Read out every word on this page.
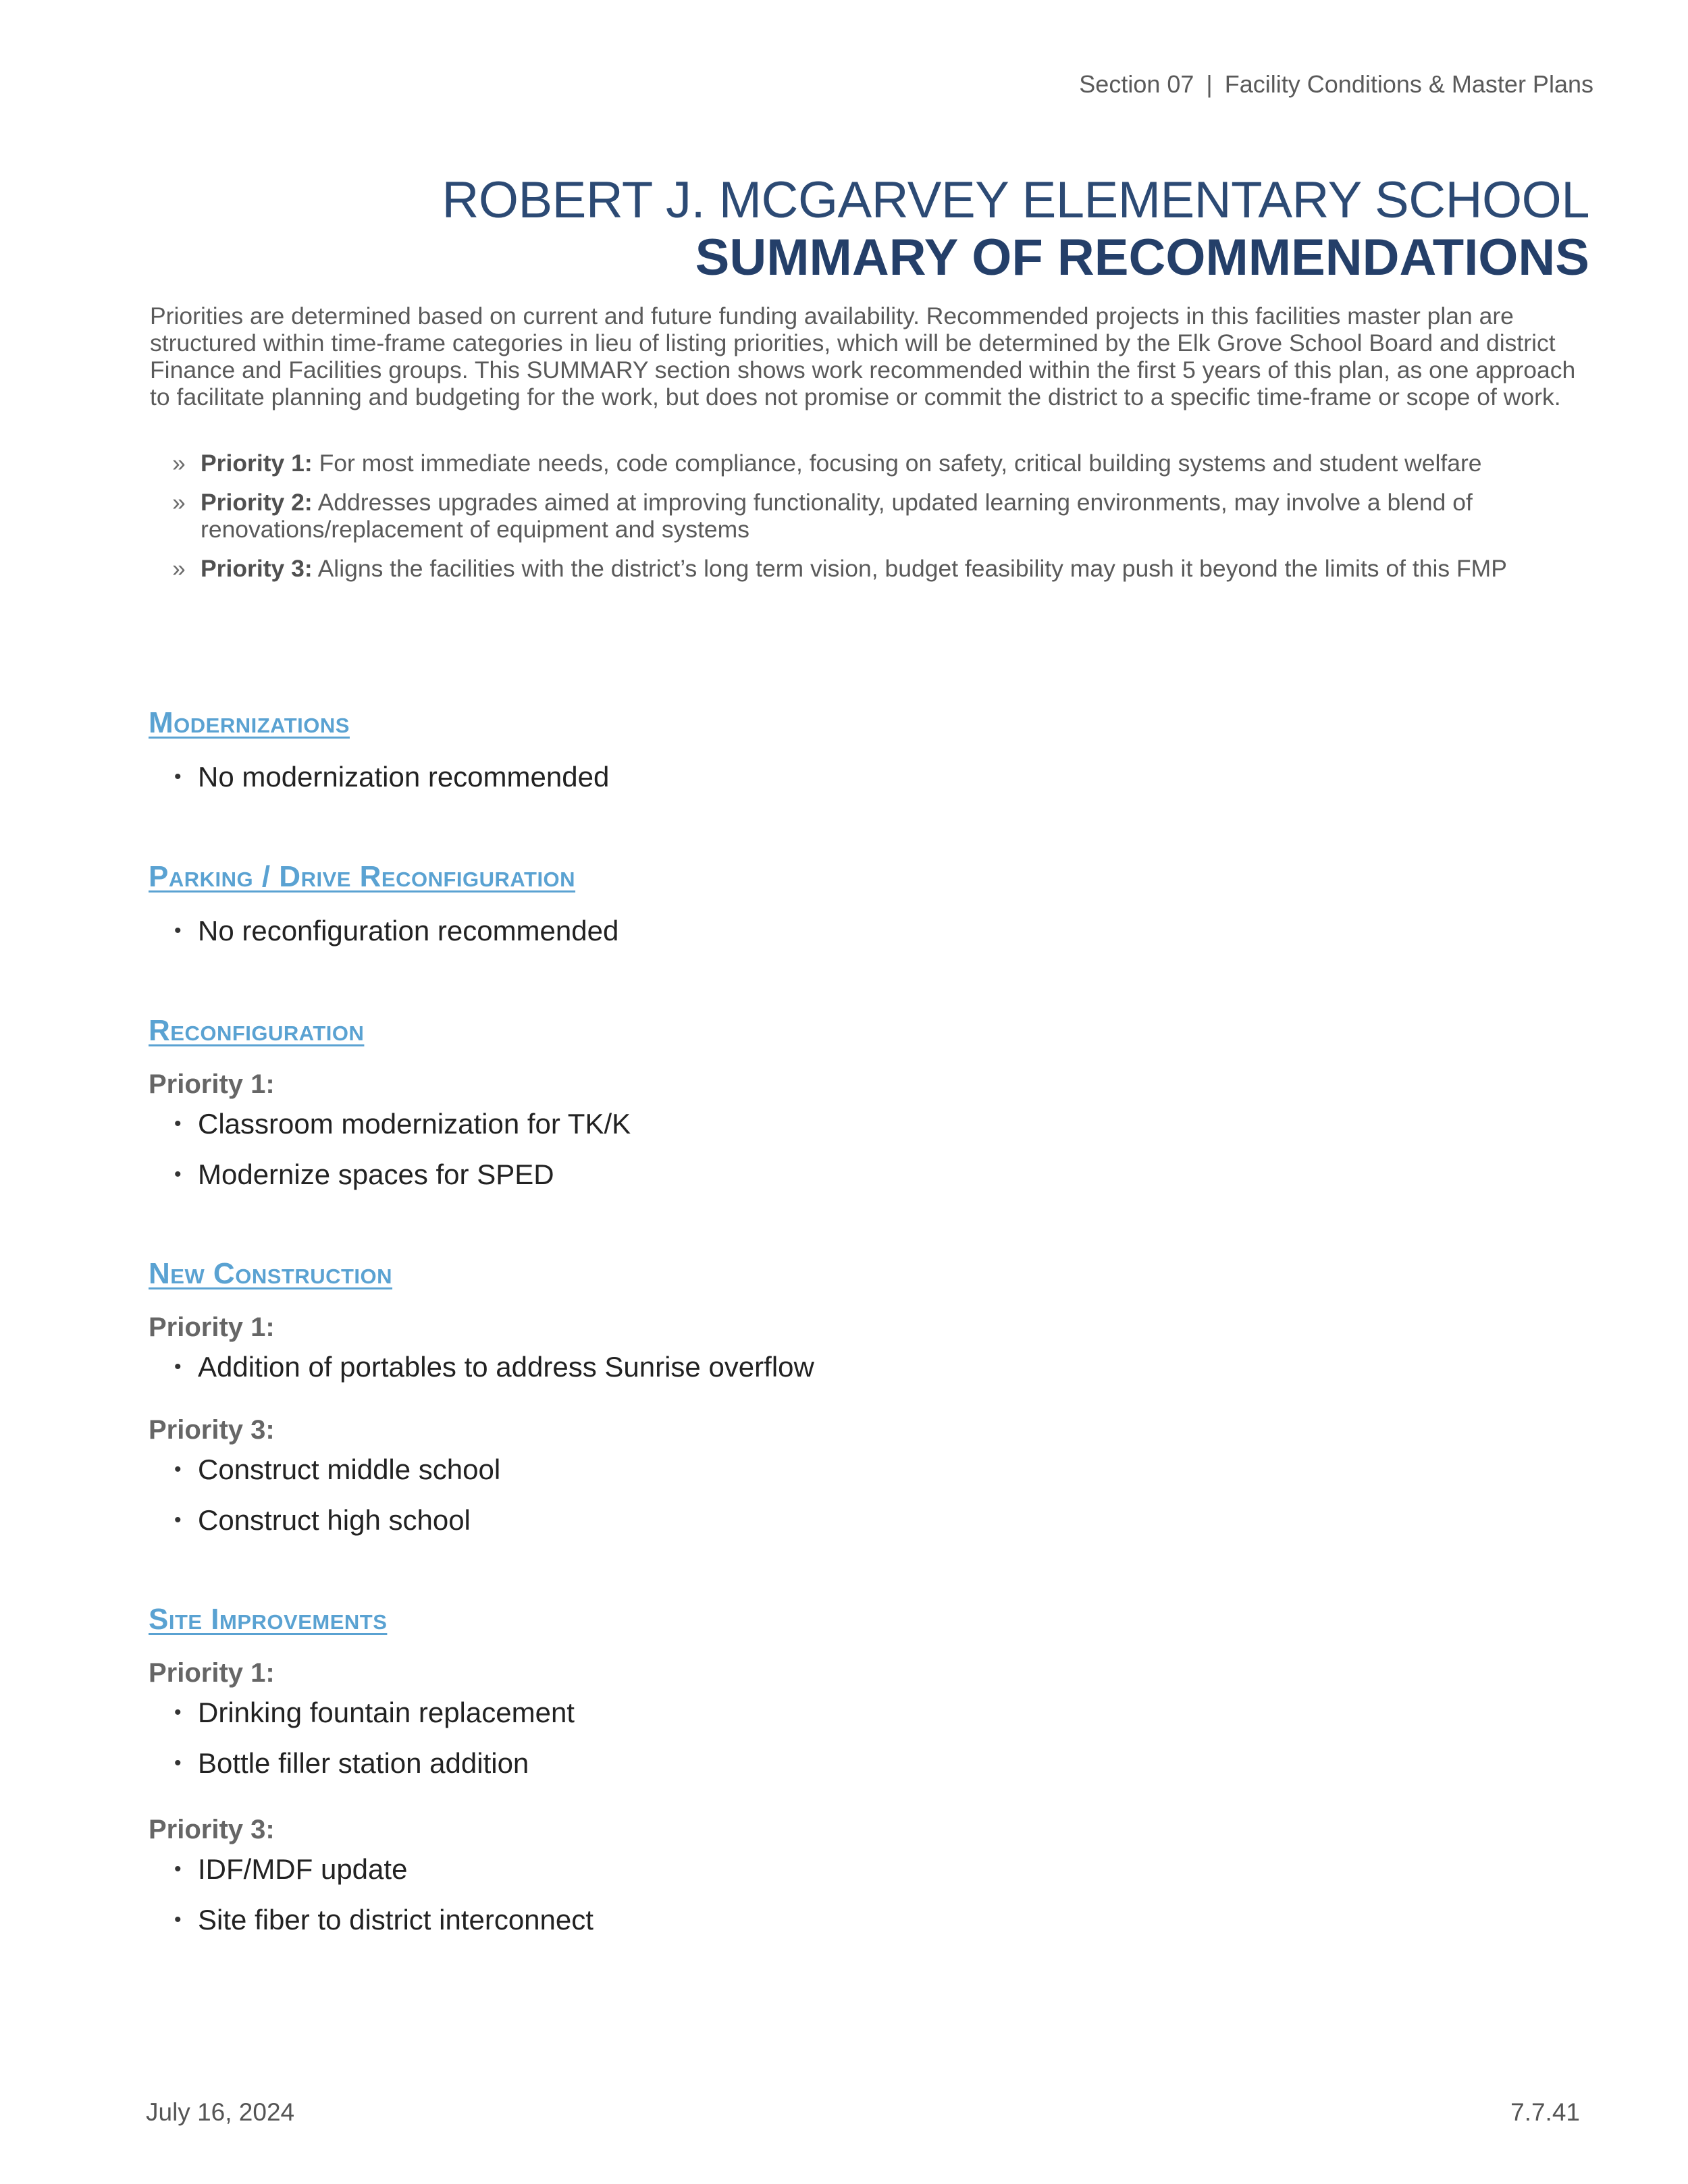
Section 07 | Facility Conditions & Master Plans
ROBERT J. MCGARVEY ELEMENTARY SCHOOL
SUMMARY OF RECOMMENDATIONS

Priorities are determined based on current and future funding availability. Recommended projects in this facilities master plan are structured within time-frame categories in lieu of listing priorities, which will be determined by the Elk Grove School Board and district Finance and Facilities groups. This SUMMARY section shows work recommended within the first 5 years of this plan, as one approach to facilitate planning and budgeting for the work, but does not promise or commit the district to a specific time-frame or scope of work.

» Priority 1: For most immediate needs, code compliance, focusing on safety, critical building systems and student welfare
» Priority 2: Addresses upgrades aimed at improving functionality, updated learning environments, may involve a blend of renovations/replacement of equipment and systems
» Priority 3: Aligns the facilities with the district’s long term vision, budget feasibility may push it beyond the limits of this FMP
Modernizations
• No modernization recommended
Parking / Drive Reconfiguration
• No reconfiguration recommended
Reconfiguration
Priority 1:
• Classroom modernization for TK/K
• Modernize spaces for SPED
New Construction
Priority 1:
• Addition of portables to address Sunrise overflow
Priority 3:
• Construct middle school
• Construct high school
Site Improvements
Priority 1:
• Drinking fountain replacement
• Bottle filler station addition
Priority 3:
• IDF/MDF update
• Site fiber to district interconnect
July 16, 2024	7.7.41
